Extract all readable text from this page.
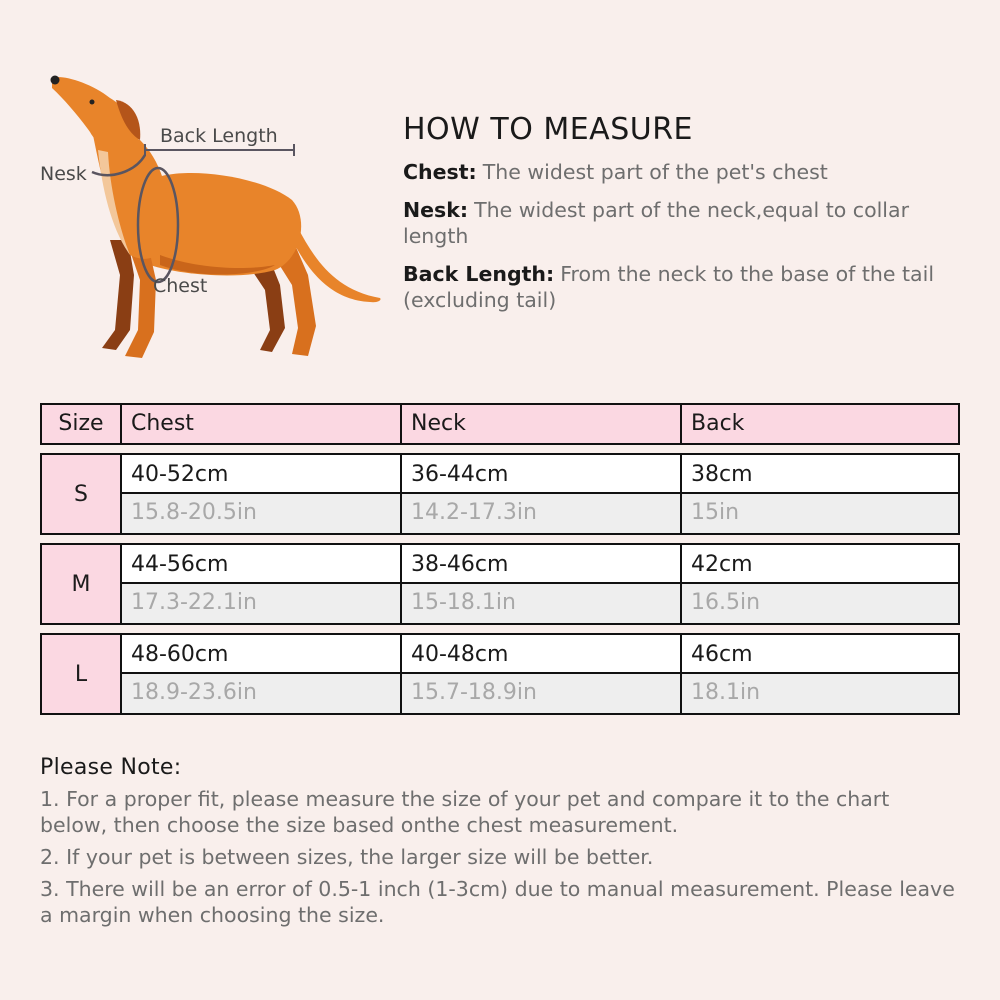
Back Length
Nesk
Chest
HOW TO MEASURE

Chest: The widest part of the pet's chest

Nesk: The widest part of the neck,equal to collar length

Back Length: From the neck to the base of the tail (excluding tail)

Size	Chest	Neck	Back
S
40-52cm	36-44cm	38cm
15.8-20.5in	14.2-17.3in	15in
M
44-56cm	38-46cm	42cm
17.3-22.1in	15-18.1in	16.5in
L
48-60cm	40-48cm	46cm
18.9-23.6in	15.7-18.9in	18.1in
Please Note:

1. For a proper fit, please measure the size of your pet and compare it to the chart below, then choose the size based onthe chest measurement.

2. If your pet is between sizes, the larger size will be better.

3. There will be an error of 0.5-1 inch (1-3cm) due to manual measurement. Please leave a margin when choosing the size.
